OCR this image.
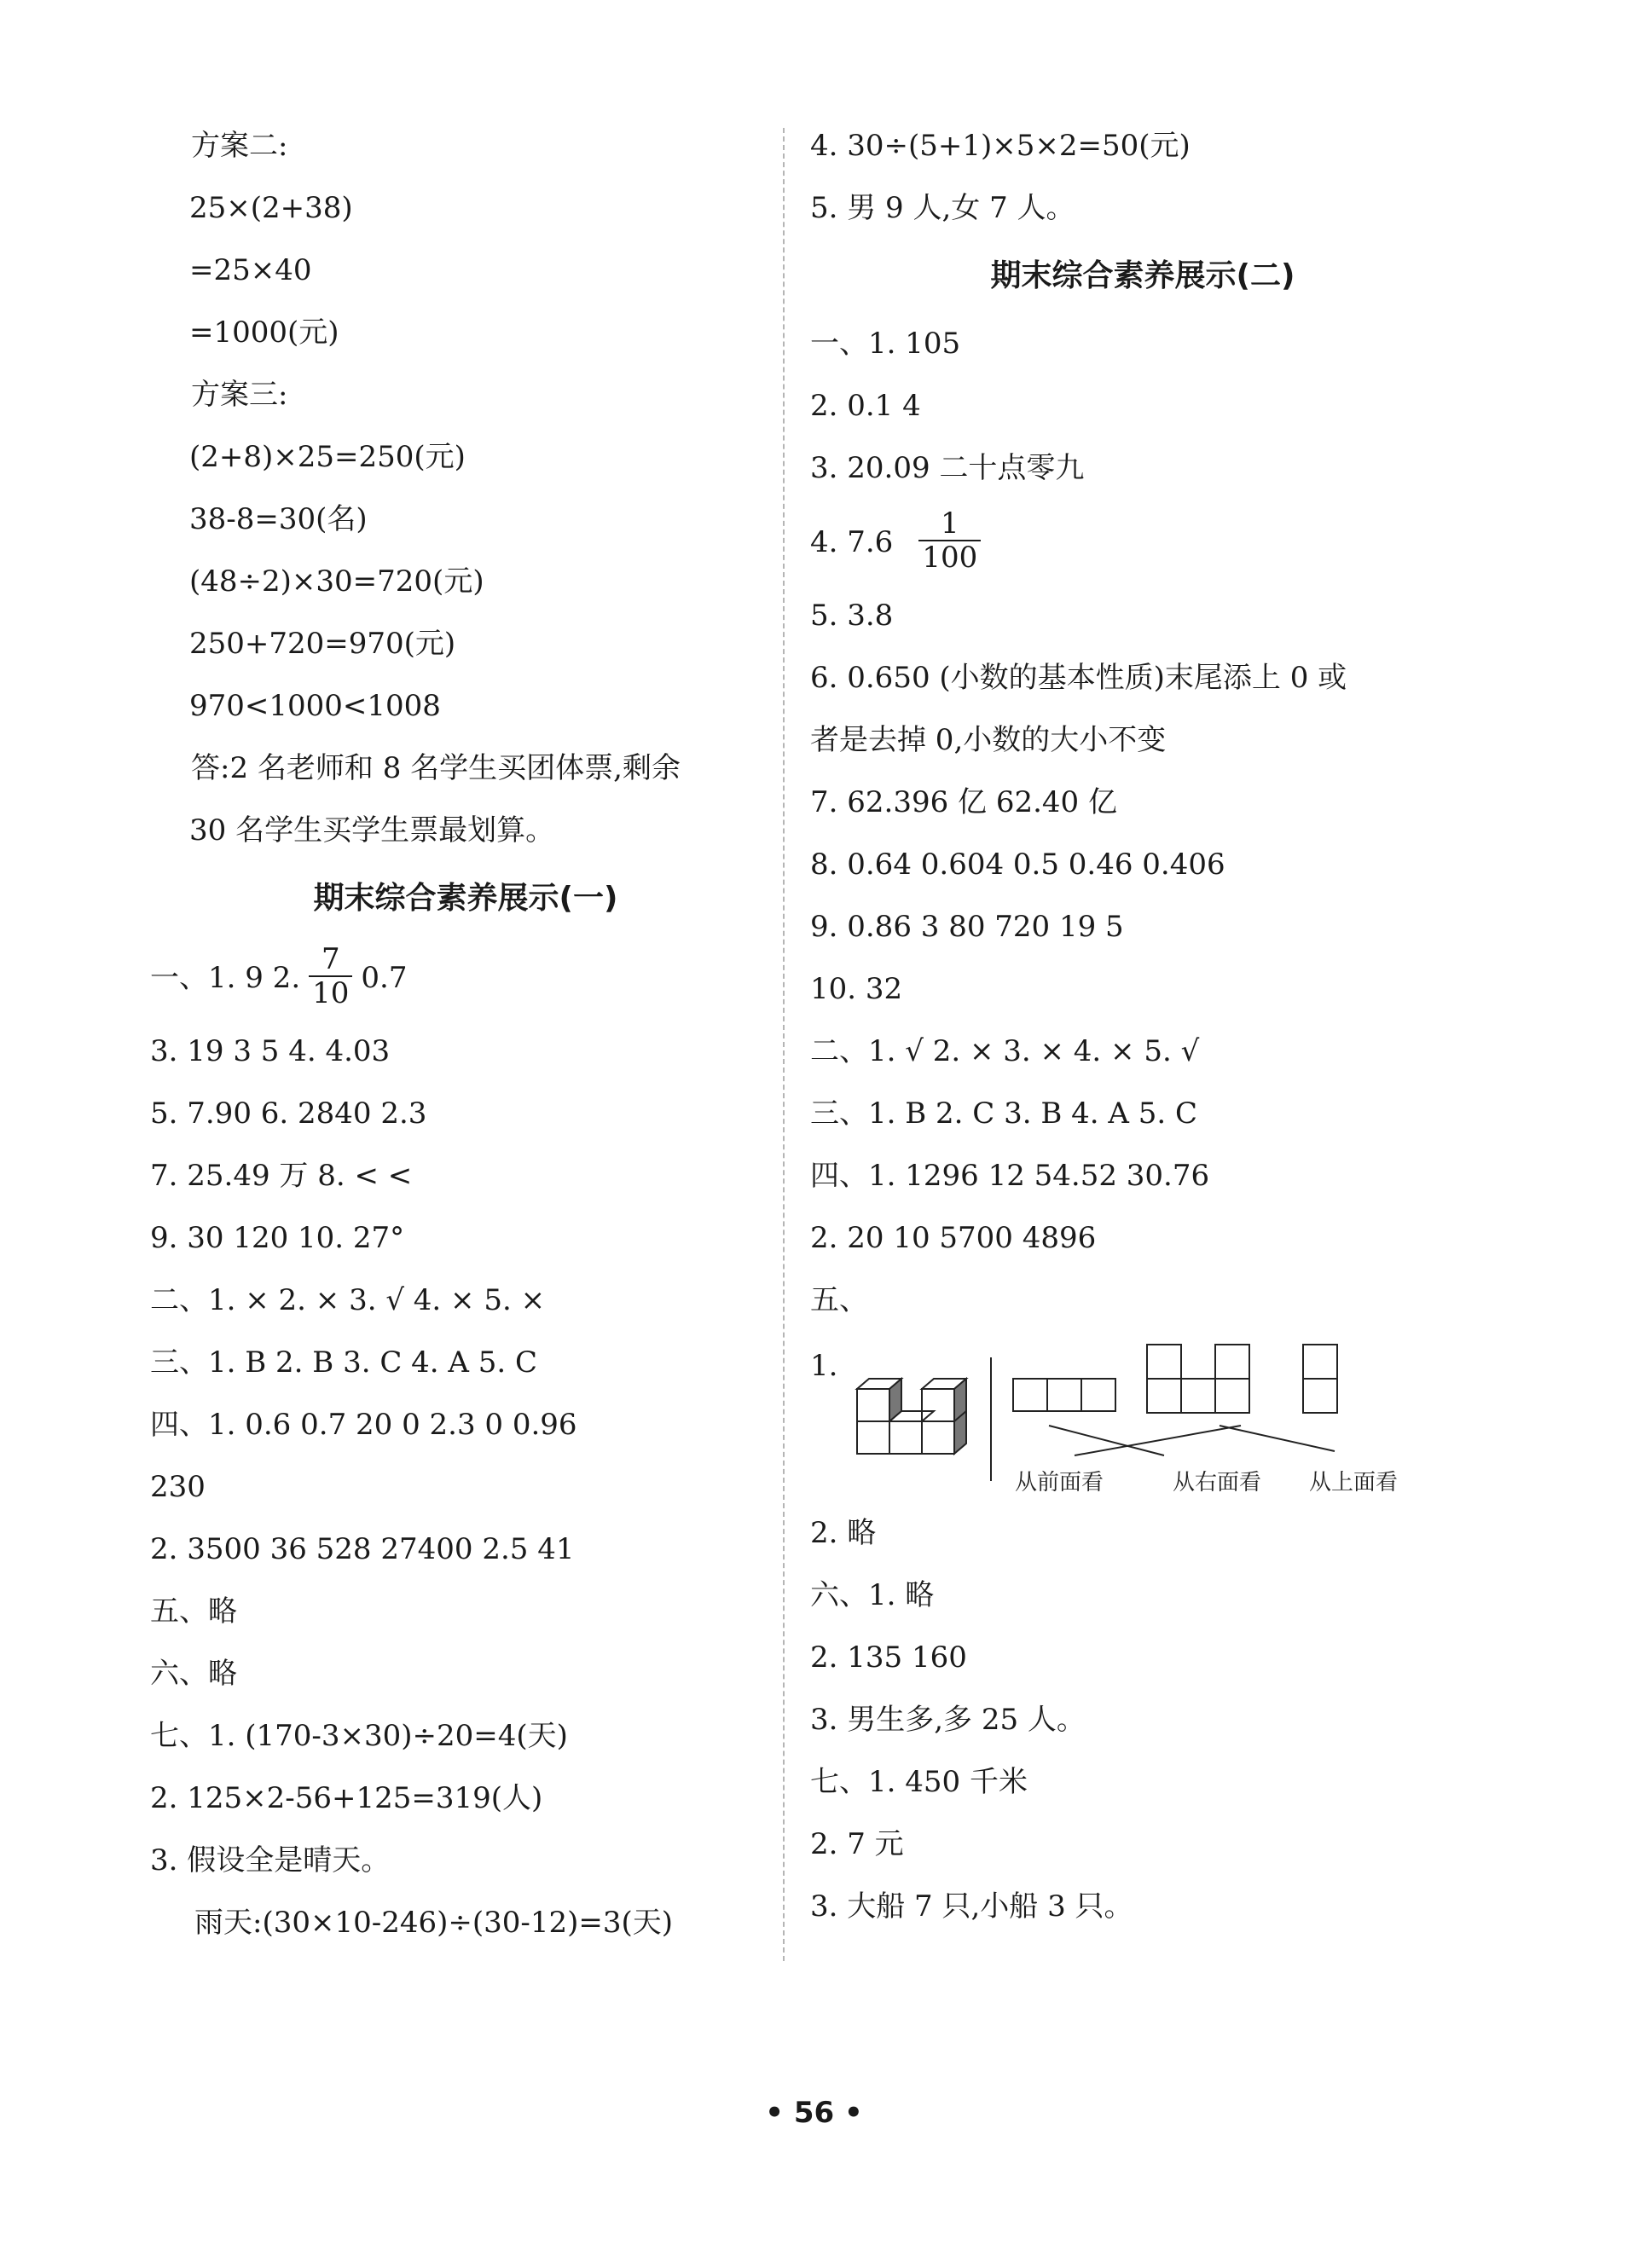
方案二:
25×(2+38)
=25×40
=1000(元)
方案三:
(2+8)×25=250(元)
38-8=30(名)
(48÷2)×30=720(元)
250+720=970(元)
970<1000<1008
答:2 名老师和 8 名学生买团体票,剩余
30 名学生买学生票最划算。
期末综合素养展示(一)
一、1. 9 2. $\frac{7}{10} 0.7$
3. 19 3 5 4. 4.03
5. 7.90 6. 2840 2.3
7. 25.49 万 8. < <
9. 30 120 10. 27°
二、1. × 2. × 3. √ 4. × 5. ×
三、1. B 2. B 3. C 4. A 5. C
四、1. 0.6 0.7 20 0 2.3 0 0.96
230
2. 3500 36 528 27400 2.5 41
五、略
六、略
七、1. (170-3×30)÷20=4(天)
2. 125×2-56+125=319(人)
3. 假设全是晴天。
雨天:(30×10-246)÷(30-12)=3(天)
4. 30÷(5+1)×5×2=50(元)
5. 男 9 人,女 7 人。
期末综合素养展示(二)
一、1. 105
2. 0.1 4
3. 20.09 二十点零九
4. $7.6 \frac{1}{100}$
5. 3.8
6. 0.650 (小数的基本性质)末尾添上 0 或
者是去掉 0,小数的大小不变
7. 62.396 亿 62.40 亿
8. 0.64 0.604 0.5 0.46 0.406
9. 0.86 3 80 720 19 5
10. 32
二、1. √ 2. × 3. × 4. × 5. √
三、1. B 2. C 3. B 4. A 5. C
四、1. 1296 12 54.52 30.76
2. 20 10 5700 4896
五、
1.
从前面看	从右面看 从上面看
2. 略
六、1. 略
2. 135 160
3. 男生多,多 25 人。
七、1. 450 千米
2. 7 元
3. 大船 7 只,小船 3 只。
• 56 •
